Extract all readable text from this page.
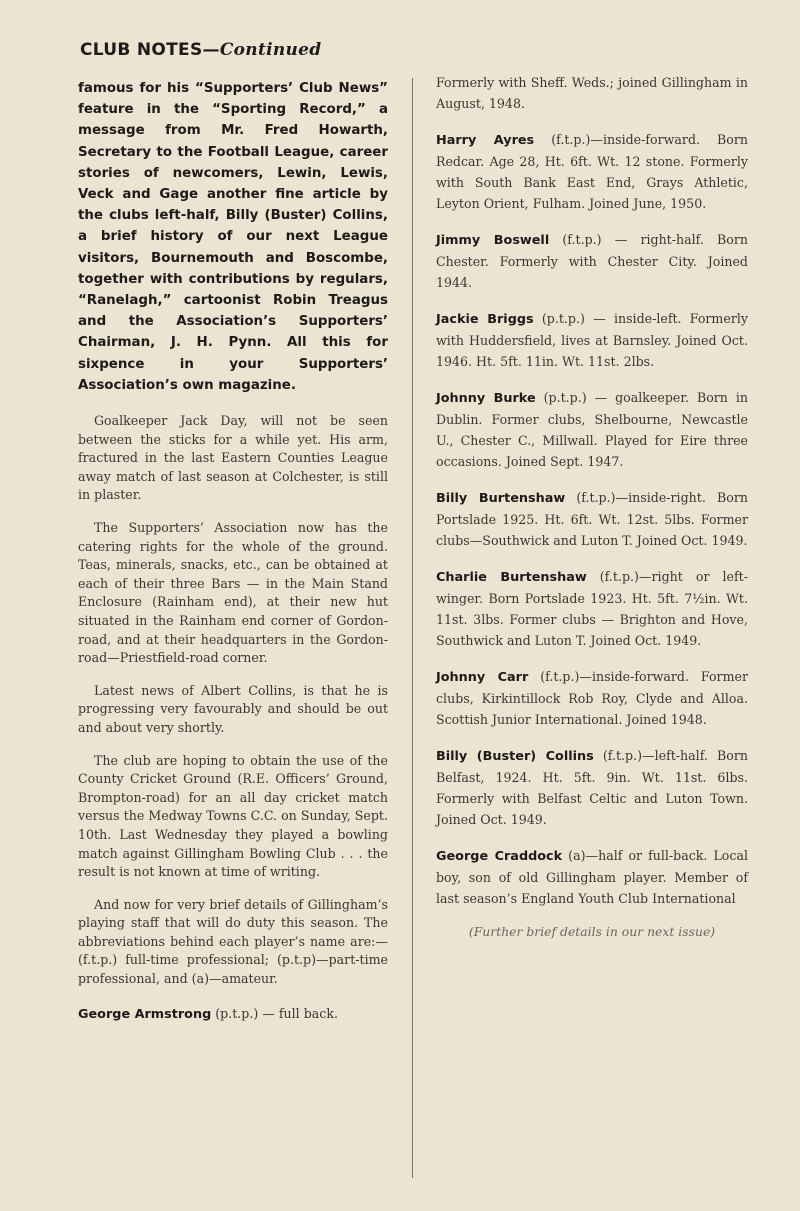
CLUB NOTES—Continued

famous for his “Supporters’ Club News” feature in the “Sporting Record,” a message from Mr. Fred Howarth, Secretary to the Football League, career stories of newcomers, Lewin, Lewis, Veck and Gage another fine article by the clubs left-half, Billy (Buster) Collins, a brief history of our next League visitors, Bournemouth and Boscombe, together with contributions by regulars, “Ranelagh,” cartoonist Robin Treagus and the Association’s Supporters’ Chairman, J. H. Pynn. All this for sixpence in your Supporters’ Association’s own magazine.

Goalkeeper Jack Day, will not be seen between the sticks for a while yet. His arm, fractured in the last Eastern Counties League away match of last season at Colchester, is still in plaster.

The Supporters’ Association now has the catering rights for the whole of the ground. Teas, minerals, snacks, etc., can be obtained at each of their three Bars — in the Main Stand Enclosure (Rainham end), at their new hut situated in the Rainham end corner of Gordon-road, and at their headquarters in the Gordon-road—Priestfield-road corner.

Latest news of Albert Collins, is that he is progressing very favourably and should be out and about very shortly.

The club are hoping to obtain the use of the County Cricket Ground (R.E. Officers’ Ground, Brompton-road) for an all day cricket match versus the Medway Towns C.C. on Sunday, Sept. 10th. Last Wednesday they played a bowling match against Gillingham Bowling Club . . . the result is not known at time of writing.

And now for very brief details of Gillingham’s playing staff that will do duty this season. The abbreviations behind each player’s name are:—(f.t.p.) full-time professional; (p.t.p)—part-time professional, and (a)—amateur.

George Armstrong (p.t.p.) — full back.

Formerly with Sheff. Weds.; joined Gillingham in August, 1948.

Harry Ayres (f.t.p.)—inside-forward. Born Redcar. Age 28, Ht. 6ft. Wt. 12 stone. Formerly with South Bank East End, Grays Athletic, Leyton Orient, Fulham. Joined June, 1950.

Jimmy Boswell (f.t.p.) — right-half. Born Chester. Formerly with Chester City. Joined 1944.

Jackie Briggs (p.t.p.) — inside-left. Formerly with Huddersfield, lives at Barnsley. Joined Oct. 1946. Ht. 5ft. 11in. Wt. 11st. 2lbs.

Johnny Burke (p.t.p.) — goalkeeper. Born in Dublin. Former clubs, Shelbourne, Newcastle U., Chester C., Millwall. Played for Eire three occasions. Joined Sept. 1947.

Billy Burtenshaw (f.t.p.)—inside-right. Born Portslade 1925. Ht. 6ft. Wt. 12st. 5lbs. Former clubs—Southwick and Luton T. Joined Oct. 1949.

Charlie Burtenshaw (f.t.p.)—right or left-winger. Born Portslade 1923. Ht. 5ft. 7½in. Wt. 11st. 3lbs. Former clubs — Brighton and Hove, Southwick and Luton T. Joined Oct. 1949.

Johnny Carr (f.t.p.)—inside-forward. Former clubs, Kirkintillock Rob Roy, Clyde and Alloa. Scottish Junior International. Joined 1948.

Billy (Buster) Collins (f.t.p.)—left-half. Born Belfast, 1924. Ht. 5ft. 9in. Wt. 11st. 6lbs. Formerly with Belfast Celtic and Luton Town. Joined Oct. 1949.

George Craddock (a)—half or full-back. Local boy, son of old Gillingham player. Member of last season’s England Youth Club International

(Further brief details in our next issue)
